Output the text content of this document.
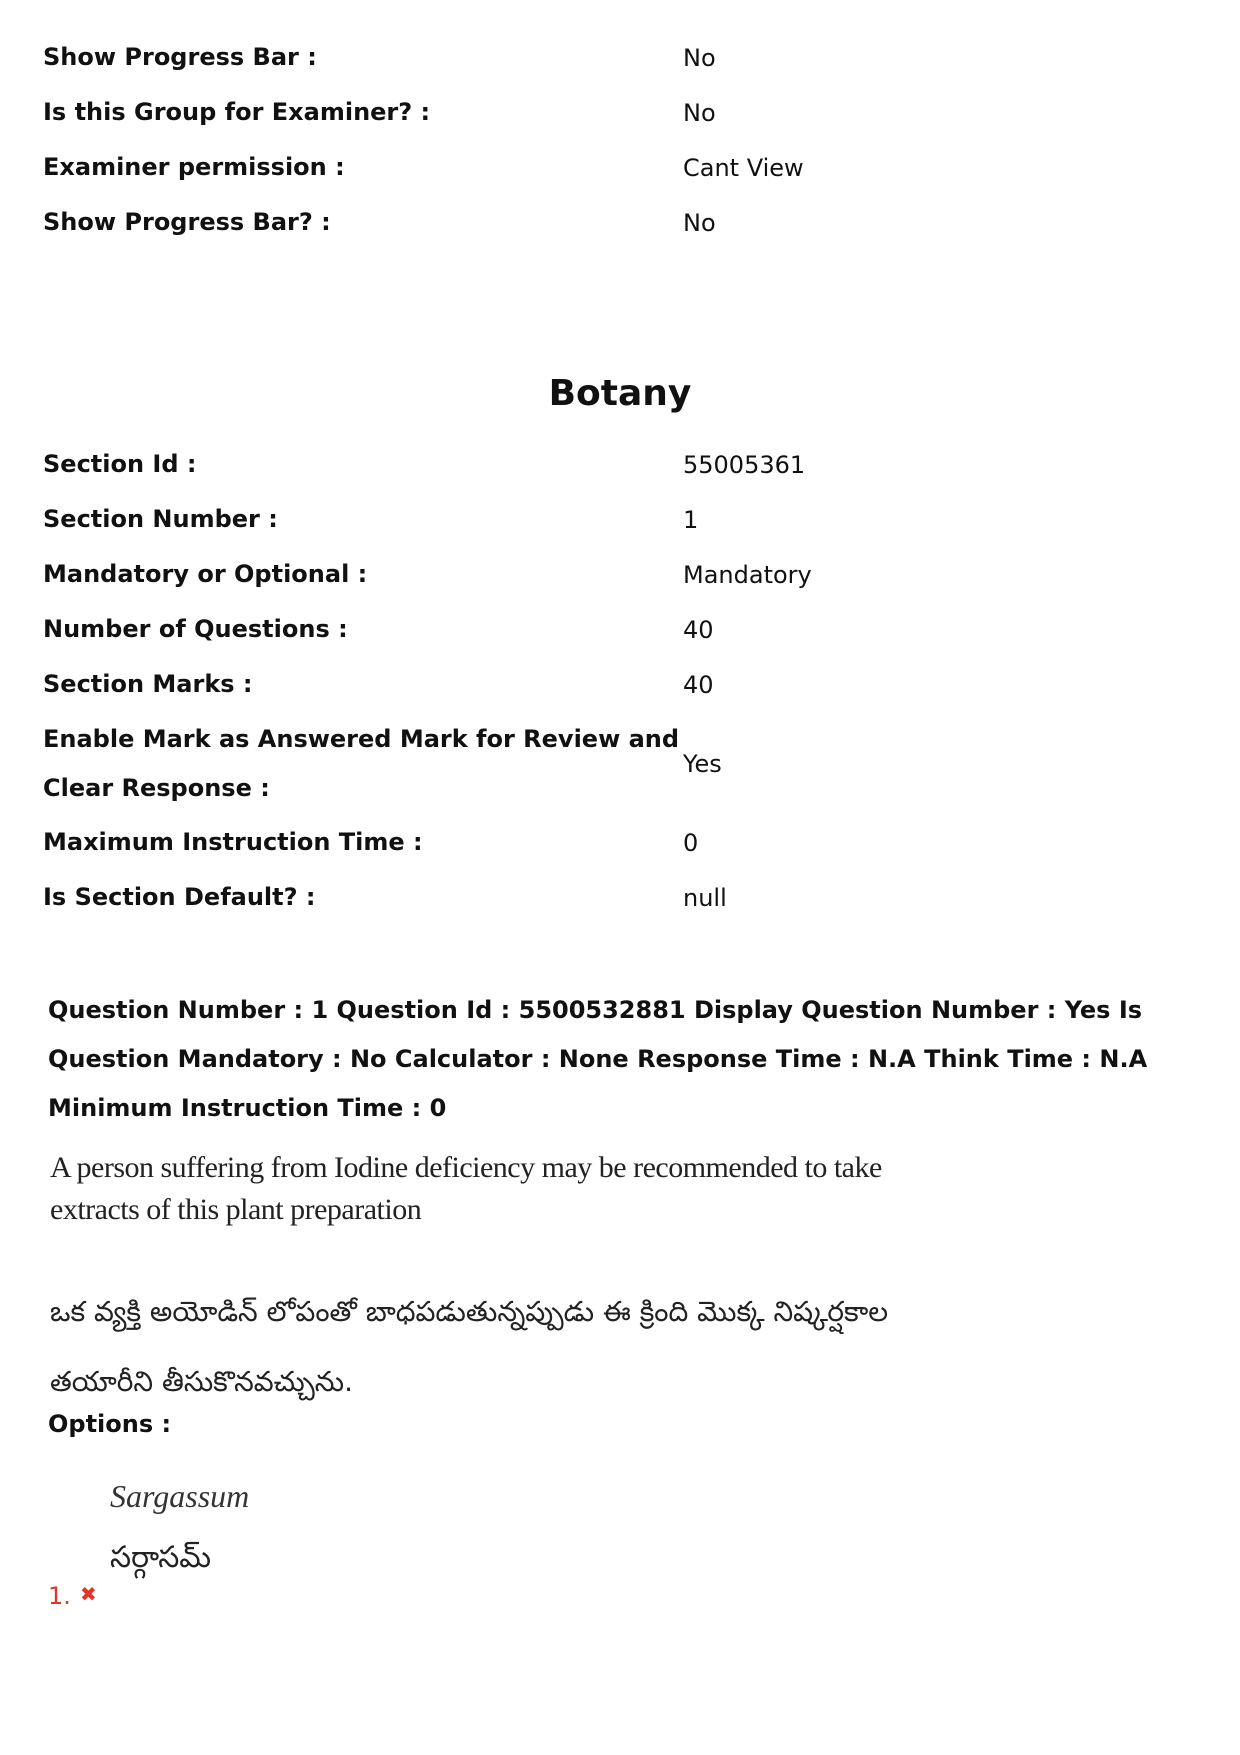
Show Progress Bar :	No
Is this Group for Examiner? :	No
Examiner permission :	Cant View
Show Progress Bar? :	No
Botany
Section Id :	55005361
Section Number :	1
Mandatory or Optional :	Mandatory
Number of Questions :	40
Section Marks :	40
Enable Mark as Answered Mark for Review and Clear Response :	Yes
Maximum Instruction Time :	0
Is Section Default? :	null

Question Number : 1 Question Id : 5500532881 Display Question Number : Yes Is Question Mandatory : No Calculator : None Response Time : N.A Think Time : N.A Minimum Instruction Time : 0

A person suffering from Iodine deficiency may be recommended to take extracts of this plant preparation
ఒక వ్యక్తి అయోడిన్ లోపంతో బాధపడుతున్నప్పుడు ఈ క్రింది మొక్క నిష్కర్షకాల తయారీని తీసుకొనవచ్చును.

Options :

1. ✖
Sargassum
సర్గాసమ్
